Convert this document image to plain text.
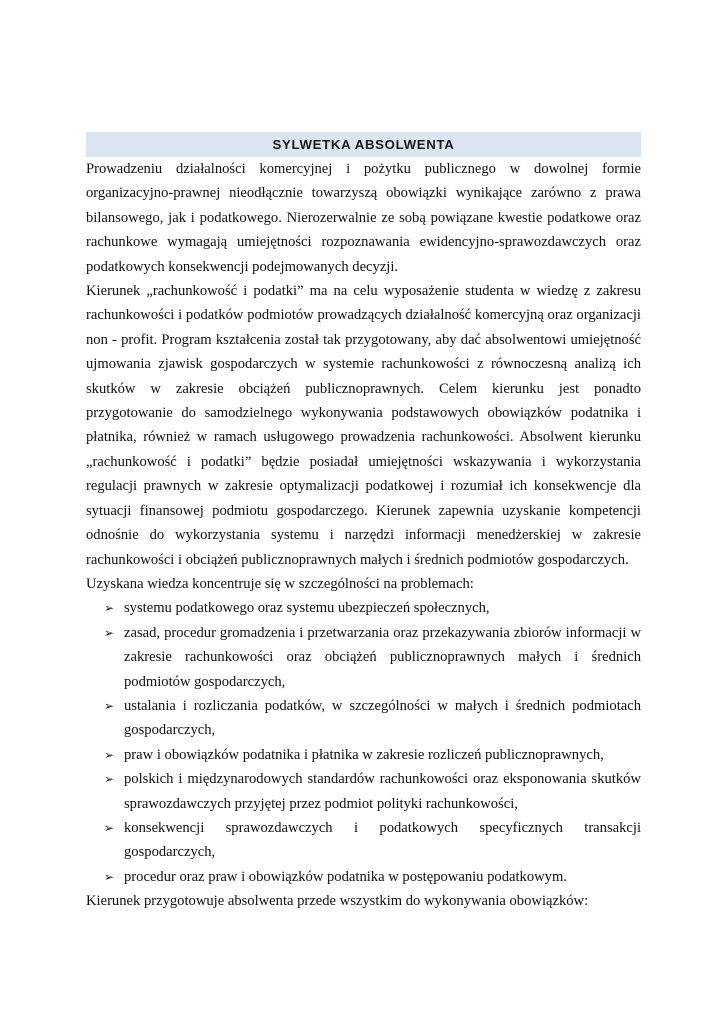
SYLWETKA ABSOLWENTA

Prowadzeniu działalności komercyjnej i pożytku publicznego w dowolnej formie organizacyjno-prawnej nieodłącznie towarzyszą obowiązki wynikające zarówno z prawa bilansowego, jak i podatkowego. Nierozerwalnie ze sobą powiązane kwestie podatkowe oraz rachunkowe wymagają umiejętności rozpoznawania ewidencyjno-sprawozdawczych oraz podatkowych konsekwencji podejmowanych decyzji.

Kierunek „rachunkowość i podatki” ma na celu wyposażenie studenta w wiedzę z zakresu rachunkowości i podatków podmiotów prowadzących działalność komercyjną oraz organizacji non - profit. Program kształcenia został tak przygotowany, aby dać absolwentowi umiejętność ujmowania zjawisk gospodarczych w systemie rachunkowości z równoczesną analizą ich skutków w zakresie obciążeń publicznoprawnych. Celem kierunku jest ponadto przygotowanie do samodzielnego wykonywania podstawowych obowiązków podatnika i płatnika, również w ramach usługowego prowadzenia rachunkowości. Absolwent kierunku „rachunkowość i podatki” będzie posiadał umiejętności wskazywania i wykorzystania regulacji prawnych w zakresie optymalizacji podatkowej i rozumiał ich konsekwencje dla sytuacji finansowej podmiotu gospodarczego. Kierunek zapewnia uzyskanie kompetencji odnośnie do wykorzystania systemu i narzędzi informacji menedżerskiej w zakresie rachunkowości i obciążeń publicznoprawnych małych i średnich podmiotów gospodarczych.

Uzyskana wiedza koncentruje się w szczególności na problemach:

➢ systemu podatkowego oraz systemu ubezpieczeń społecznych,
➢ zasad, procedur gromadzenia i przetwarzania oraz przekazywania zbiorów informacji w zakresie rachunkowości oraz obciążeń publicznoprawnych małych i średnich podmiotów gospodarczych,
➢ ustalania i rozliczania podatków, w szczególności w małych i średnich podmiotach gospodarczych,
➢ praw i obowiązków podatnika i płatnika w zakresie rozliczeń publicznoprawnych,
➢ polskich i międzynarodowych standardów rachunkowości oraz eksponowania skutków sprawozdawczych przyjętej przez podmiot polityki rachunkowości,
➢ konsekwencji sprawozdawczych i podatkowych specyficznych transakcji gospodarczych,
➢ procedur oraz praw i obowiązków podatnika w postępowaniu podatkowym.

Kierunek przygotowuje absolwenta przede wszystkim do wykonywania obowiązków:
